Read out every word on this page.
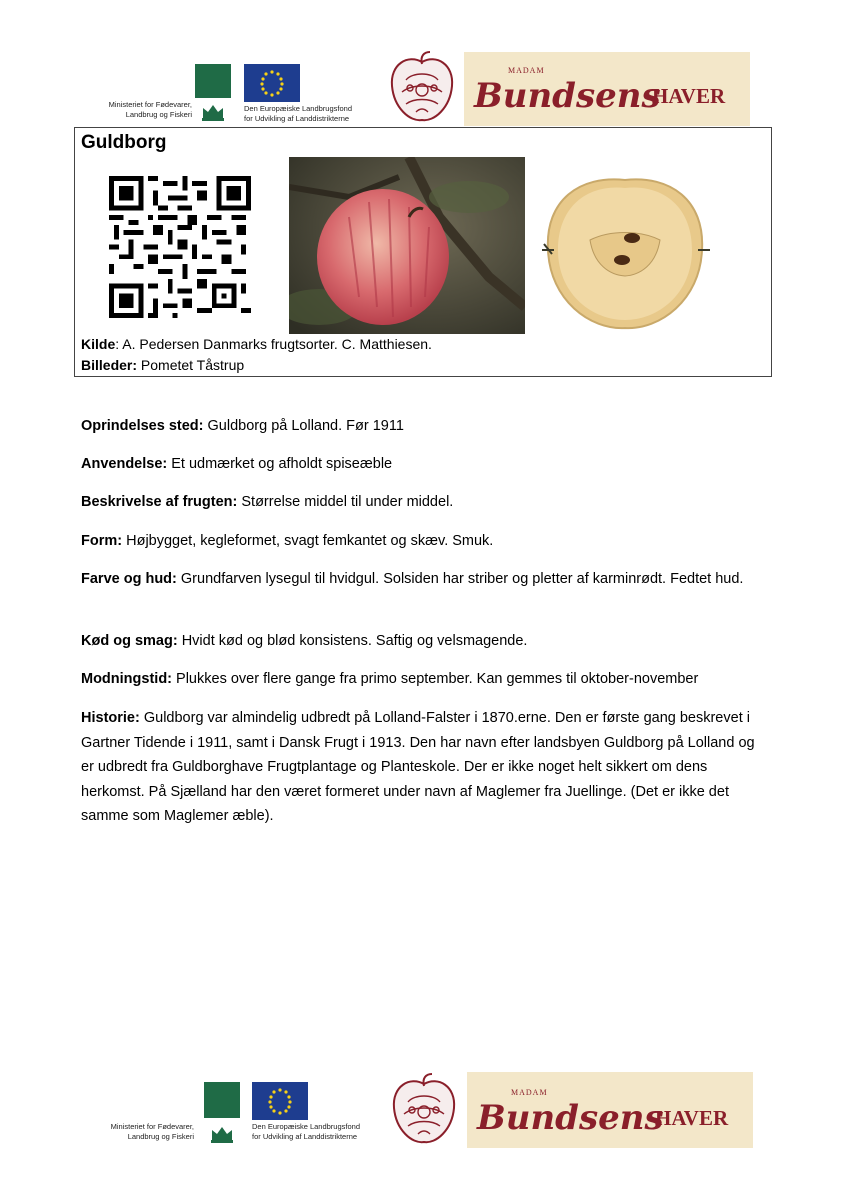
Ministeriet for Fødevarer,
Landbrug og Fiskeri
Den Europæiske Landbrugsfond
for Udvikling af Landdistrikterne
MADAM
Bundsens
HAVER
Guldborg
Kilde: A. Pedersen Danmarks frugtsorter. C. Matthiesen.
Billeder: Pometet Tåstrup
Oprindelses sted: Guldborg på Lolland. Før 1911
Anvendelse: Et udmærket og afholdt spiseæble
Beskrivelse af frugten: Størrelse middel til under middel.
Form: Højbygget, kegleformet, svagt femkantet og skæv. Smuk.
Farve og hud: Grundfarven lysegul til hvidgul. Solsiden har striber og pletter af karminrødt. Fedtet hud.
Kød og smag: Hvidt kød og blød konsistens. Saftig og velsmagende.
Modningstid: Plukkes over flere gange fra primo september. Kan gemmes til oktober-november
Historie: Guldborg var almindelig udbredt på Lolland-Falster i 1870.erne. Den er første gang beskrevet i Gartner Tidende i 1911, samt i Dansk Frugt i 1913. Den har navn efter landsbyen Guldborg på Lolland og er udbredt fra Guldborghave Frugtplantage og Planteskole. Der er ikke noget helt sikkert om dens herkomst. På Sjælland har den været formeret under navn af Maglemer fra Juellinge. (Det er ikke det samme som Maglemer æble).
Ministeriet for Fødevarer,
Landbrug og Fiskeri
Den Europæiske Landbrugsfond
for Udvikling af Landdistrikterne
MADAM
Bundsens
HAVER
